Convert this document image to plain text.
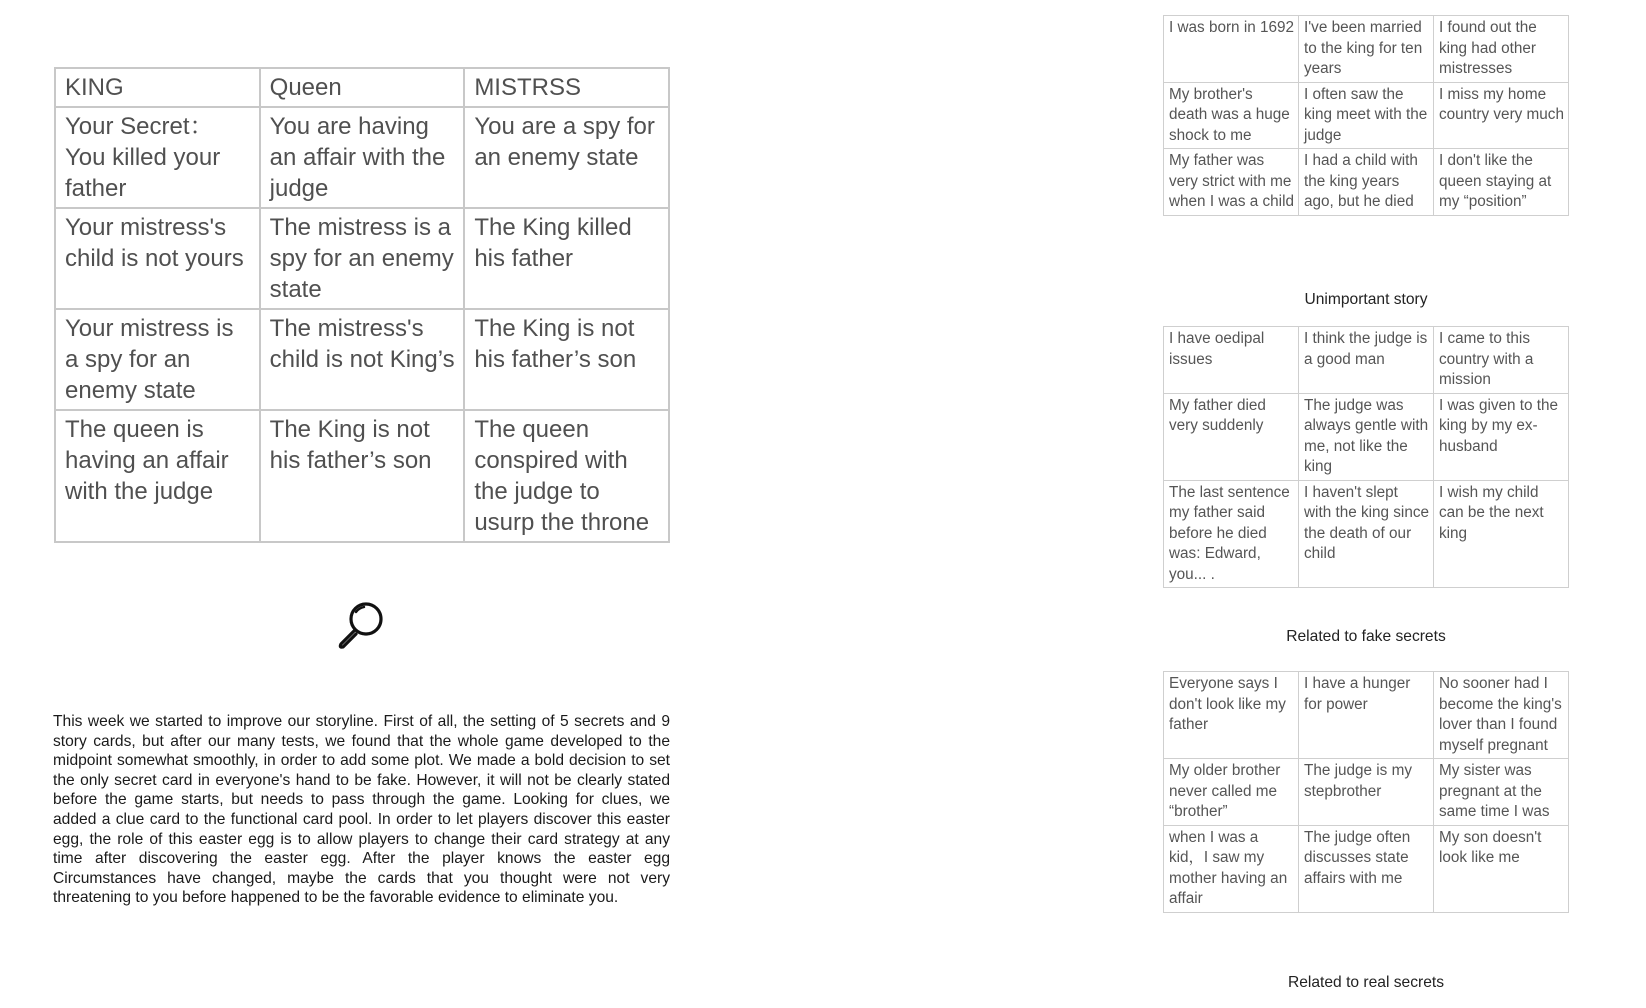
KING	Queen	MISTRSS
Your Secret： You killed your father	You are having an affair with the judge	You are a spy for an enemy state
Your mistress's child is not yours	The mistress is a spy for an enemy state	The King killed his father
Your mistress is a spy for an enemy state	The mistress's child is not King’s	The King is not his father’s son
The queen is having an affair with the judge	The King is not his father’s son	The queen conspired with the judge to usurp the throne

This week we started to improve our storyline. First of all, the setting of 5 secrets and 9 story cards, but after our many tests, we found that the whole game developed to the midpoint somewhat smoothly, in order to add some plot. We made a bold decision to set the only secret card in everyone's hand to be fake. However, it will not be clearly stated before the game starts, but needs to pass through the game. Looking for clues, we added a clue card to the functional card pool. In order to let players discover this easter egg, the role of this easter egg is to allow players to change their card strategy at any time after discovering the easter egg. After the player knows the easter egg Circumstances have changed, maybe the cards that you thought were not very threatening to you before happened to be the favorable evidence to eliminate you.

I was born in 1692	I've been married to the king for ten years	I found out the king had other mistresses
My brother's death was a huge shock to me	I often saw the king meet with the judge	I miss my home country very much
My father was very strict with me when I was a child	I had a child with the king years ago, but he died	I don't like the queen staying at my “position”
Unimportant story
I have oedipal issues	I think the judge is a good man	I came to this country with a mission
My father died very suddenly	The judge was always gentle with me, not like the king	I was given to the king by my ex-husband
The last sentence my father said before he died was: Edward, you... .	I haven't slept with the king since the death of our child	I wish my child can be the next king
Related to fake secrets
Everyone says I don't look like my father	I have a hunger for power	No sooner had I become the king's lover than I found myself pregnant
My older brother never called me “brother”	The judge is my stepbrother	My sister was pregnant at the same time I was
when I was a kid，I saw my mother having an affair	The judge often discusses state affairs with me	My son doesn't look like me
Related to real secrets
